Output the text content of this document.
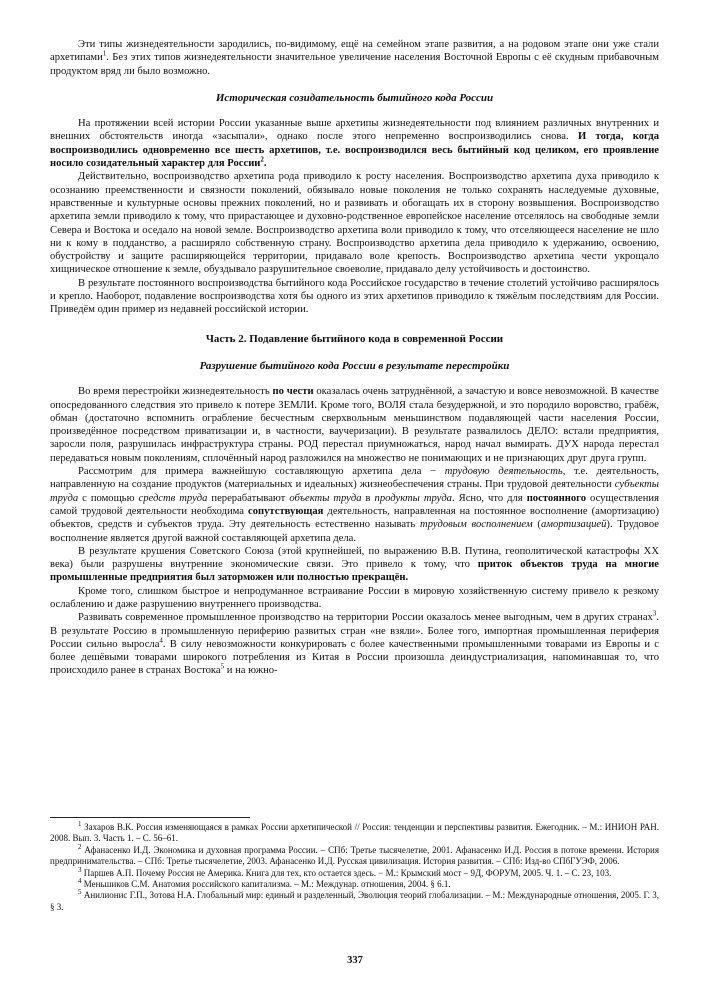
Эти типы жизнедеятельности зародились, по-видимому, ещё на семейном этапе развития, а на родовом этапе они уже стали архетипами$^1$. Без этих типов жизнедеятельности значительное увеличение населения Восточной Европы с её скудным прибавочным продуктом вряд ли было возможно.

Историческая созидательность бытийного кода России

На протяжении всей истории России указанные выше архетипы жизнедеятельности под влиянием различных внутренних и внешних обстоятельств иногда «засыпали», однако после этого непременно воспроизводились снова. И тогда, когда воспроизводились одновременно все шесть архетипов, т.е. воспроизводился весь бытийный код целиком, его проявление носило созидательный характер для России$^2$.

Действительно, воспроизводство архетипа рода приводило к росту населения. Воспроизводство архетипа духа приводило к осознанию преемственности и связности поколений, обязывало новые поколения не только сохранять наследуемые духовные, нравственные и культурные основы прежних поколений, но и развивать и обогащать их в сторону возвышения. Воспроизводство архетипа земли приводило к тому, что прирастающее и духовно-родственное европейское население отселялось на свободные земли Севера и Востока и оседало на новой земле. Воспроизводство архетипа воли приводило к тому, что отселяющееся население не шло ни к кому в подданство, а расширяло собственную страну. Воспроизводство архетипа дела приводило к удержанию, освоению, обустройству и защите расширяющейся территории, придавало воле крепость. Воспроизводство архетипа чести укрощало хищническое отношение к земле, обуздывало разрушительное своеволие, придавало делу устойчивость и достоинство.

В результате постоянного воспроизводства бытийного кода Российское государство в течение столетий устойчиво расширялось и крепло. Наоборот, подавление воспроизводства хотя бы одного из этих архетипов приводило к тяжёлым последствиям для России. Приведём один пример из недавней российской истории.

Часть 2. Подавление бытийного кода в современной России
Разрушение бытийного кода России в результате перестройки

Во время перестройки жизнедеятельность по чести оказалась очень затруднённой, а зачастую и вовсе невозможной. В качестве опосредованного следствия это привело к потере ЗЕМЛИ. Кроме того, ВОЛЯ стала безудержной, и это породило воровство, грабёж, обман (достаточно вспомнить ограбление бесчестным сверхвольным меньшинством подавляющей части населения России, произведённое посредством приватизации и, в частности, ваучеризации). В результате развалилось ДЕЛО: встали предприятия, заросли поля, разрушилась инфраструктура страны. РОД перестал приумножаться, народ начал вымирать. ДУХ народа перестал передаваться новым поколениям, сплочённый народ разложился на множество не понимающих и не признающих друг друга групп.

Рассмотрим для примера важнейшую составляющую архетипа дела − трудовую деятельность, т.е. деятельность, направленную на создание продуктов (материальных и идеальных) жизнеобеспечения страны. При трудовой деятельности субъекты труда с помощью средств труда перерабатывают объекты труда в продукты труда. Ясно, что для постоянного осуществления самой трудовой деятельности необходима сопутствующая деятельность, направленная на постоянное восполнение (амортизацию) объектов, средств и субъектов труда. Эту деятельность естественно называть трудовым восполнением (амортизацией). Трудовое восполнение является другой важной составляющей архетипа дела.

В результате крушения Советского Союза (этой крупнейшей, по выражению В.В. Путина, геополитической катастрофы XX века) были разрушены внутренние экономические связи. Это привело к тому, что приток объектов труда на многие промышленные предприятия был заторможен или полностью прекращён.

Кроме того, слишком быстрое и непродуманное встраивание России в мировую хозяйственную систему привело к резкому ослаблению и даже разрушению внутреннего производства.

Развивать современное промышленное производство на территории России оказалось менее выгодным, чем в других странах$^3$. В результате Россию в промышленную периферию развитых стран «не взяли». Более того, импортная промышленная периферия России сильно выросла$^4$. В силу невозможности конкурировать с более качественными промышленными товарами из Европы и с более дешёвыми товарами широкого потребления из Китая в России произошла деиндустриализация, напоминавшая то, что происходило ранее в странах Востока$^5$ и на южно-

$^1$ Захаров В.К. Россия изменяющаяся в рамках России архетипической // Россия: тенденции и перспективы развития. Ежегодник. – М.: ИНИОН РАН. 2008. Вып. 3. Часть 1. – С. 56–61.

$^2$ Афанасенко И.Д. Экономика и духовная программа России. – СПб: Третье тысячелетие, 2001. Афанасенко И.Д. Россия в потоке времени. История предпринимательства. – СПб: Третье тысячелетие, 2003. Афанасенко И.Д. Русская цивилизация. История развития. – СПб: Изд-во СПбГУЭФ, 2006.

$^3$ Паршев А.П. Почему Россия не Америка. Книга для тех, кто остается здесь. − М.: Крымский мост – 9Д, ФОРУМ, 2005. Ч. 1. – С. 23, 103.

$^4$ Меньшиков С.М. Анатомия российского капитализма. – М.: Междунар. отношения, 2004. § 6.1.

$^5$ Анилионис Г.П., Зотова Н.А. Глобальный мир: единый и разделенный, Эволюция теорий глобализации. – М.: Международные отношения, 2005. Г. 3, § 3.

337
